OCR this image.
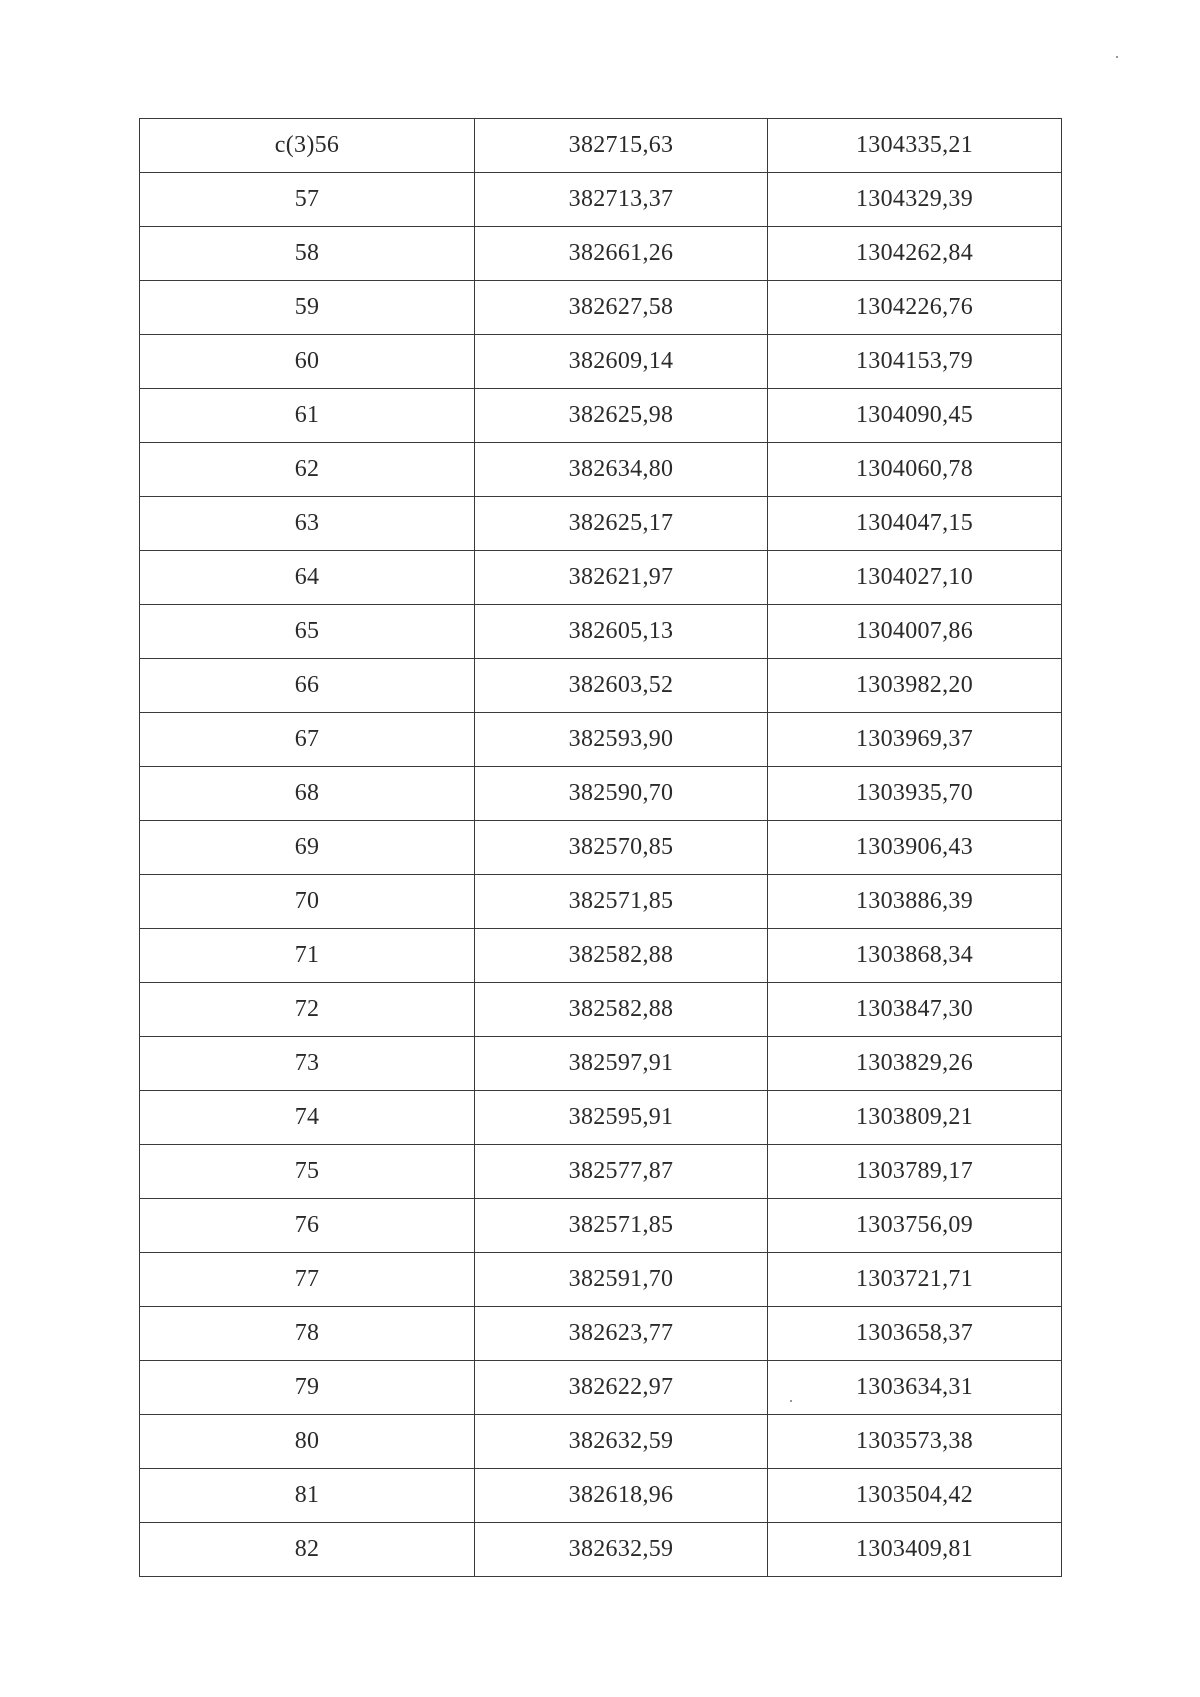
c(3)56	382715,63	1304335,21
57	382713,37	1304329,39
58	382661,26	1304262,84
59	382627,58	1304226,76
60	382609,14	1304153,79
61	382625,98	1304090,45
62	382634,80	1304060,78
63	382625,17	1304047,15
64	382621,97	1304027,10
65	382605,13	1304007,86
66	382603,52	1303982,20
67	382593,90	1303969,37
68	382590,70	1303935,70
69	382570,85	1303906,43
70	382571,85	1303886,39
71	382582,88	1303868,34
72	382582,88	1303847,30
73	382597,91	1303829,26
74	382595,91	1303809,21
75	382577,87	1303789,17
76	382571,85	1303756,09
77	382591,70	1303721,71
78	382623,77	1303658,37
79	382622,97	1303634,31
80	382632,59	1303573,38
81	382618,96	1303504,42
82	382632,59	1303409,81
